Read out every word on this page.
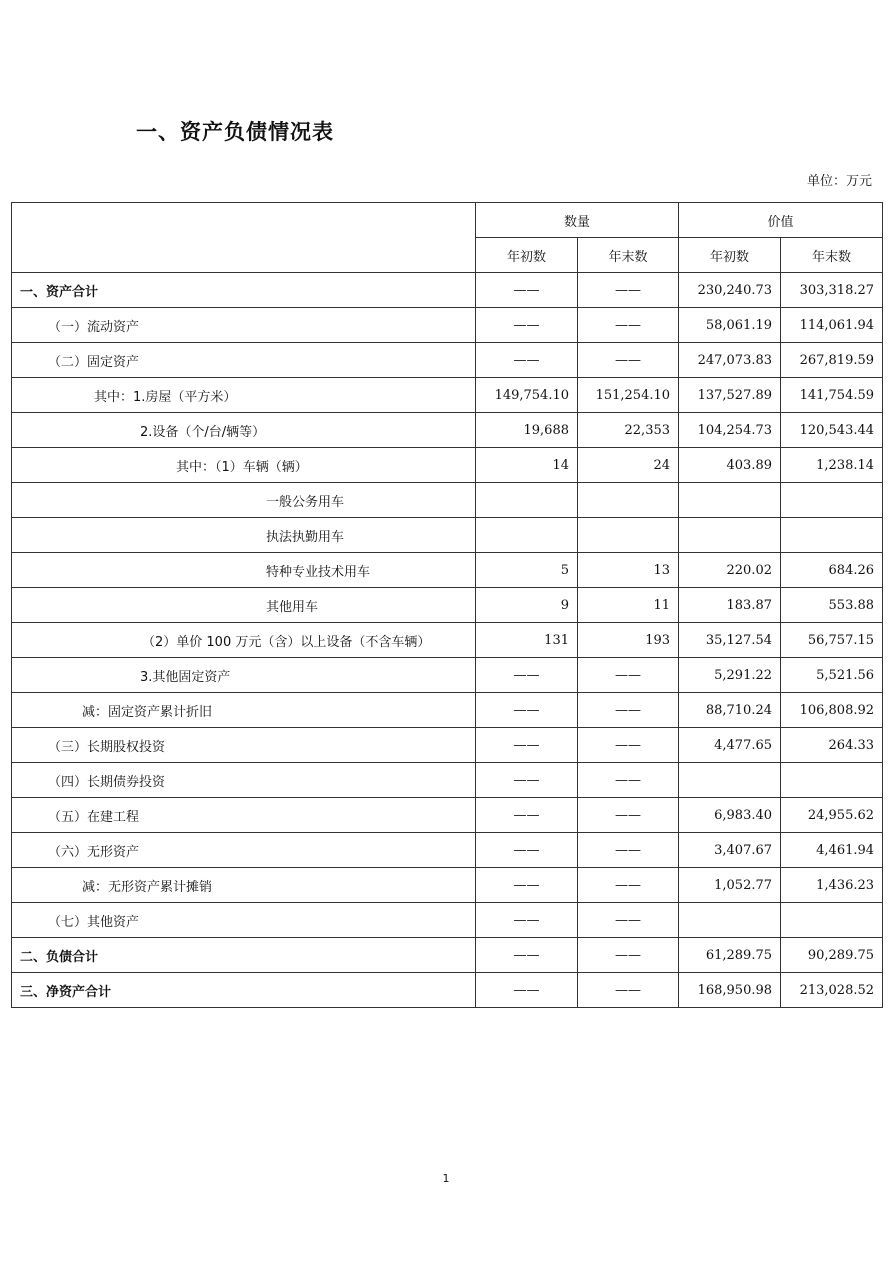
一、资产负债情况表
单位：万元
	数量		价值	
	年初数	年末数	年初数	年末数
一、资产合计	——	——	230,240.73	303,318.27
（一）流动资产	——	——	58,061.19	114,061.94
（二）固定资产	——	——	247,073.83	267,819.59
其中：1.房屋（平方米）	149,754.10	151,254.10	137,527.89	141,754.59
2.设备（个/台/辆等）	19,688	22,353	104,254.73	120,543.44
其中：（1）车辆（辆）	14	24	403.89	1,238.14
一般公务用车				
执法执勤用车				
特种专业技术用车	5	13	220.02	684.26
其他用车	9	11	183.87	553.88
（2）单价 100 万元（含）以上设备（不含车辆）	131	193	35,127.54	56,757.15
3.其他固定资产	——	——	5,291.22	5,521.56
减：固定资产累计折旧	——	——	88,710.24	106,808.92
（三）长期股权投资	——	——	4,477.65	264.33
（四）长期债券投资	——	——		
（五）在建工程	——	——	6,983.40	24,955.62
（六）无形资产	——	——	3,407.67	4,461.94
减：无形资产累计摊销	——	——	1,052.77	1,436.23
（七）其他资产	——	——		
二、负债合计	——	——	61,289.75	90,289.75
三、净资产合计	——	——	168,950.98	213,028.52
1
